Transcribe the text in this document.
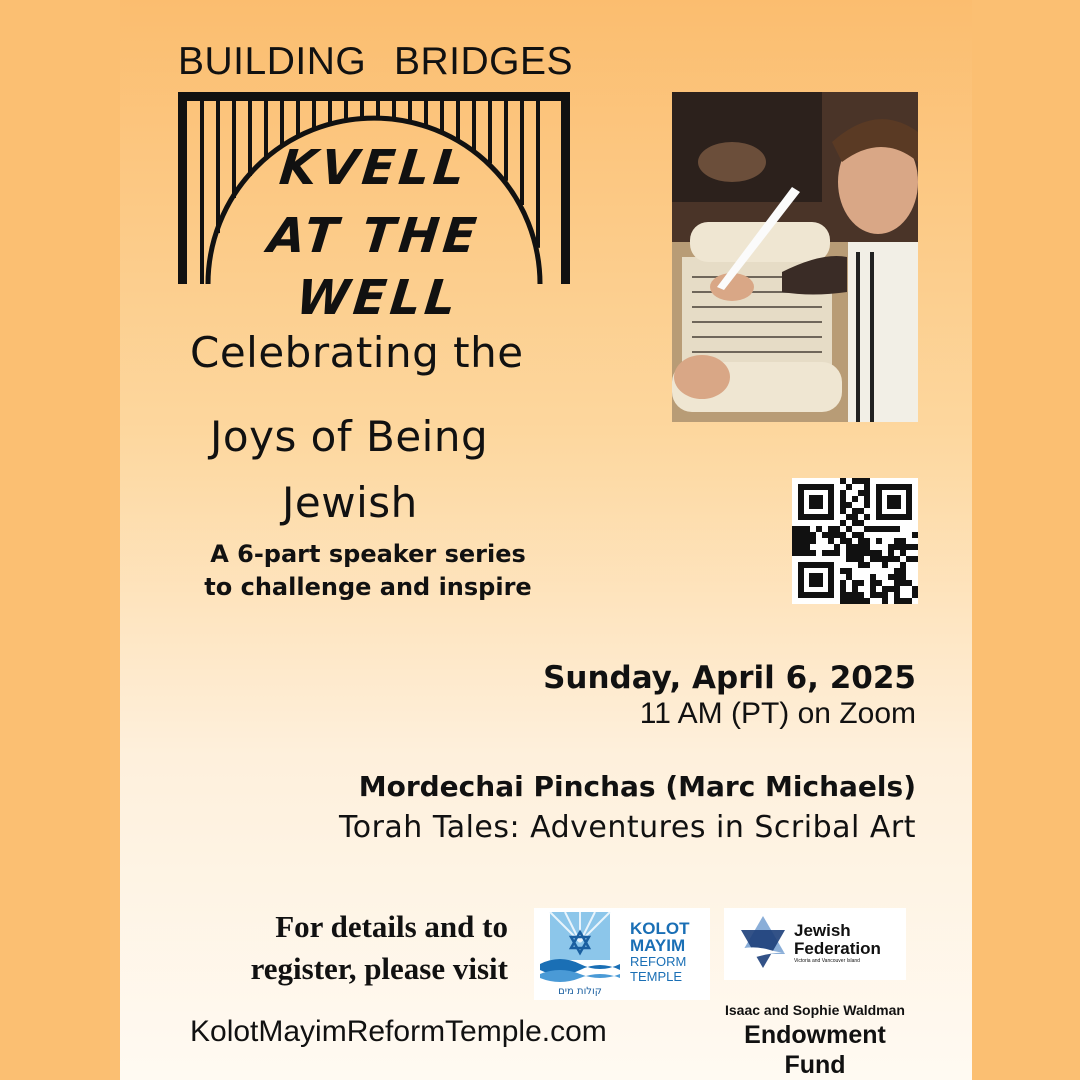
BUILDING BRIDGES
KVELL
AT THE
WELL
Celebrating the
Joys of Being
Jewish
A 6-part speaker series
to challenge and inspire
Sunday, April 6, 2025
11 AM (PT) on Zoom
Mordechai Pinchas (Marc Michaels)
Torah Tales: Adventures in Scribal Art
For details and to
register, please visit
KolotMayimReformTemple.com
קולות מים
KOLOT
MAYIM
REFORM
TEMPLE
Jewish
Federation
Victoria and Vancouver Island
Isaac and Sophie Waldman
Endowment Fund
